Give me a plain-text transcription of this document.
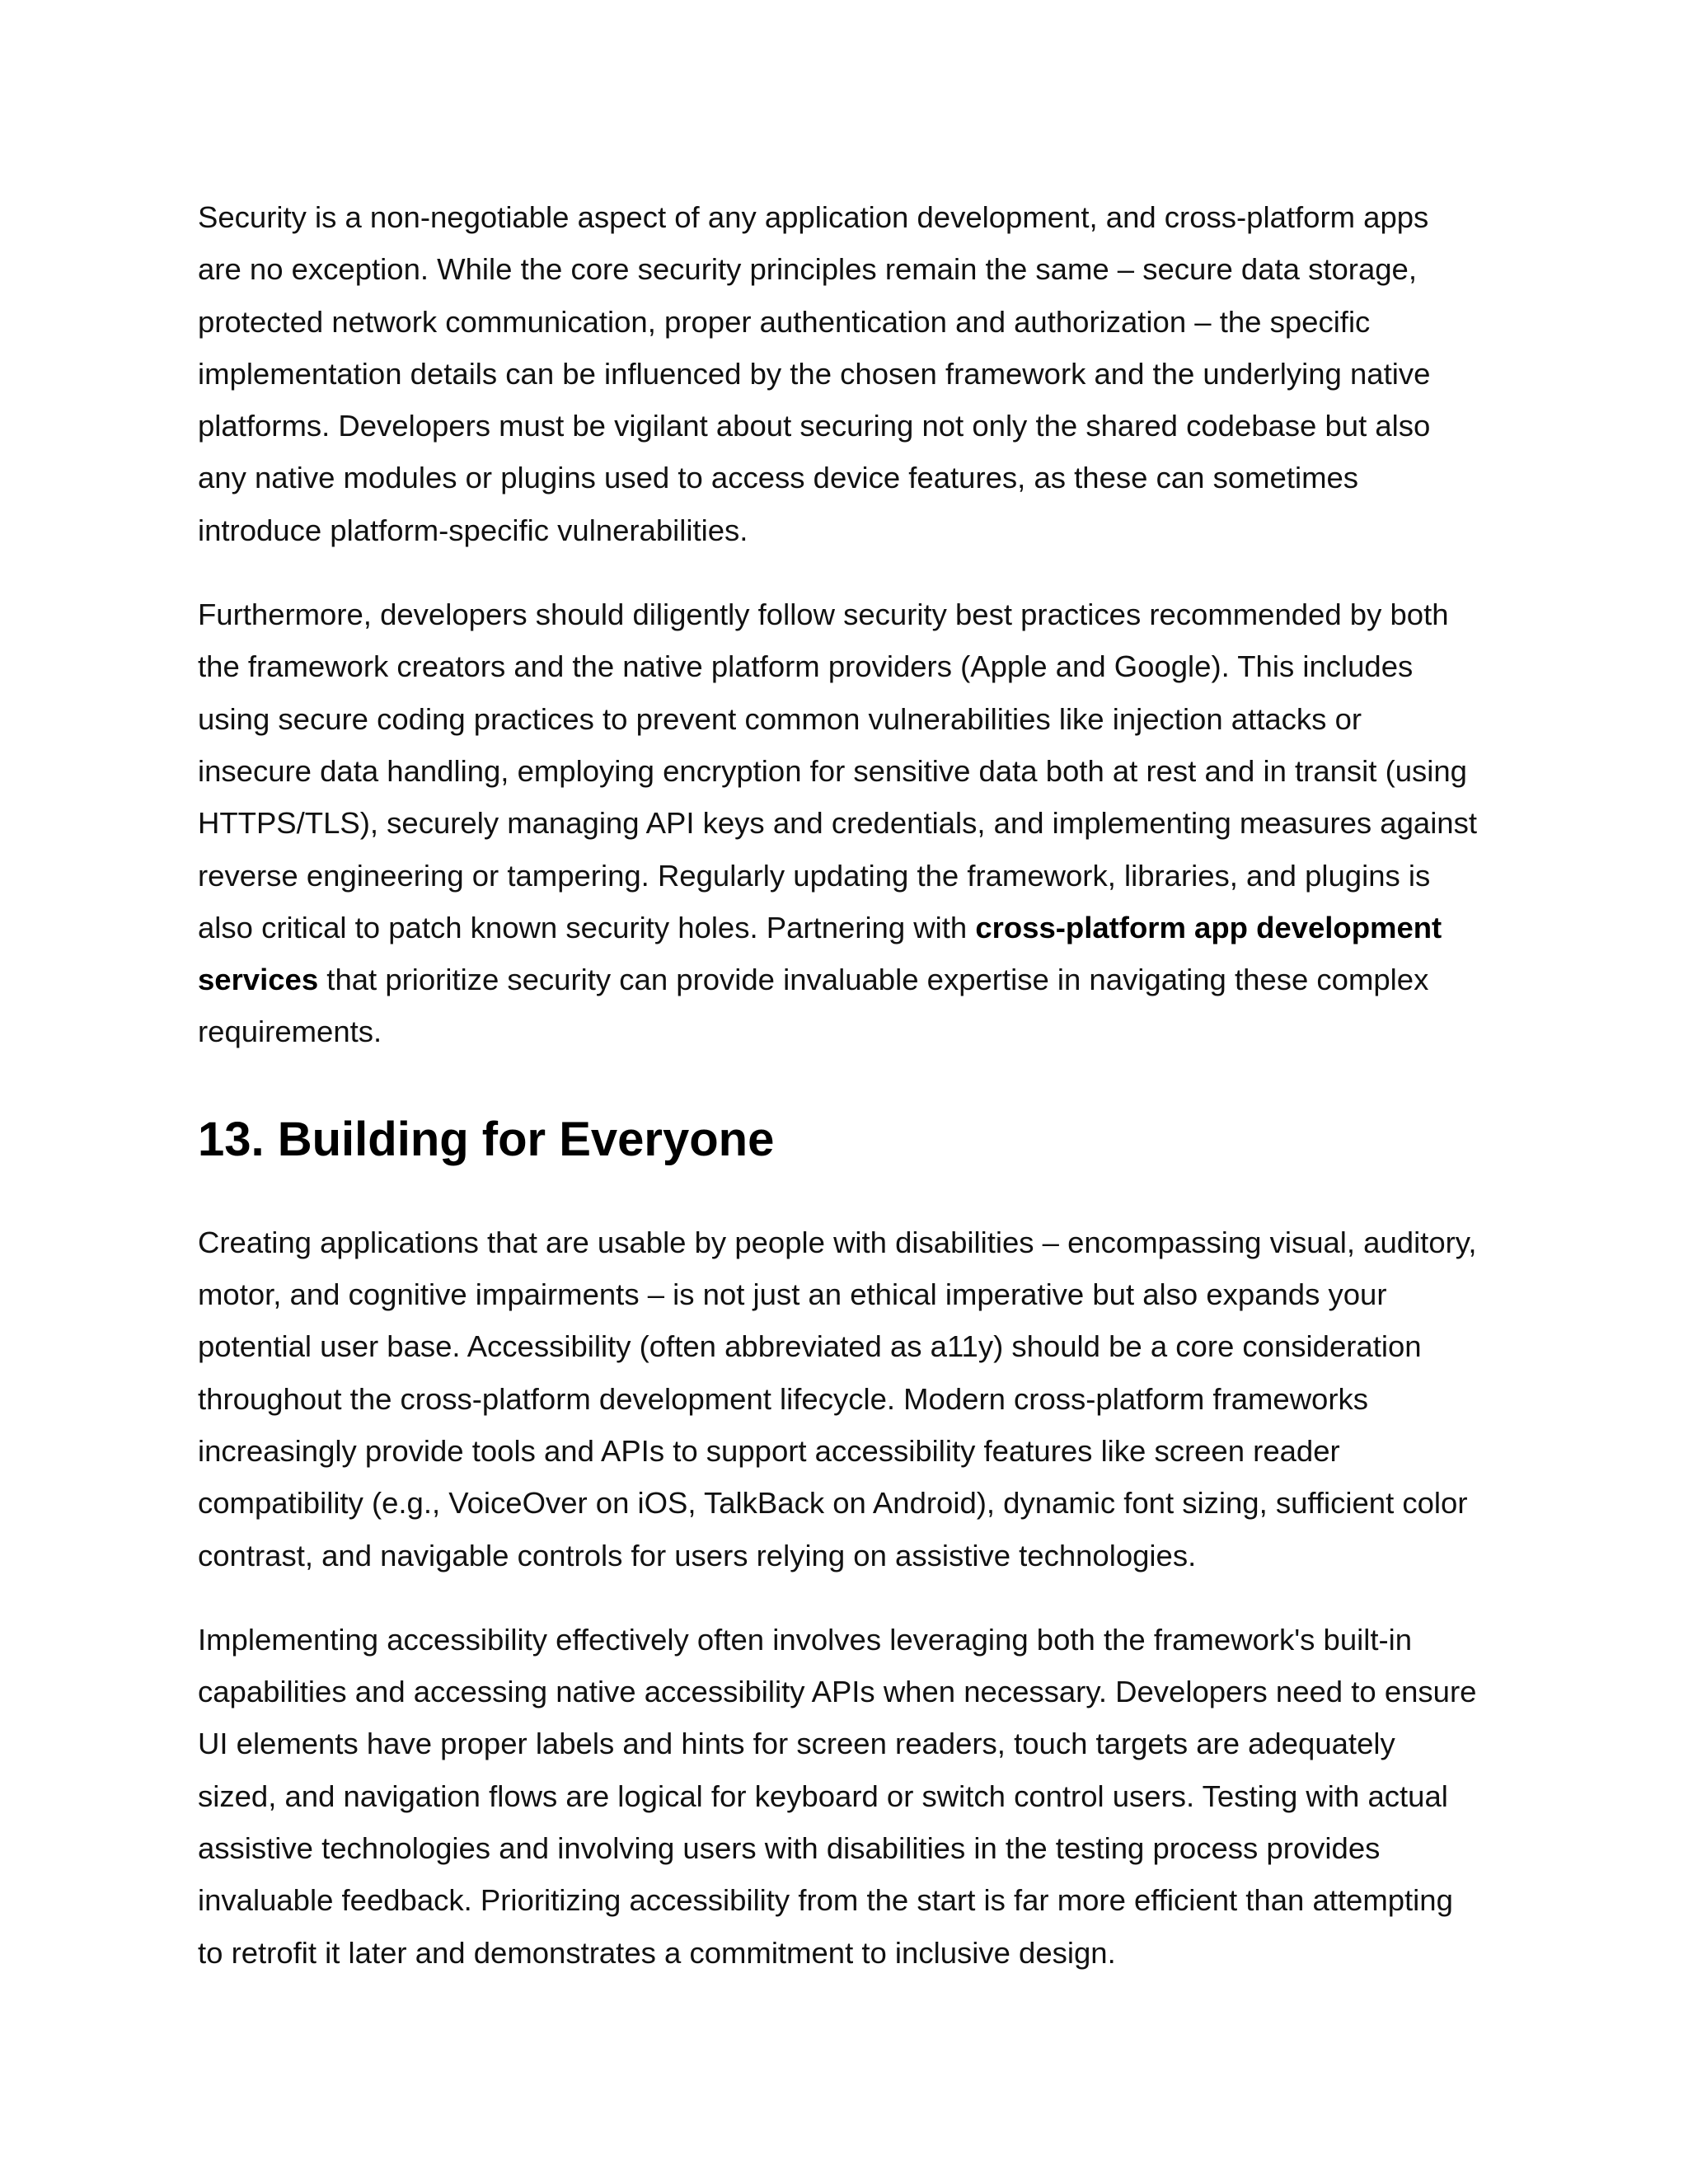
Security is a non-negotiable aspect of any application development, and cross-platform apps
are no exception. While the core security principles remain the same – secure data storage,
protected network communication, proper authentication and authorization – the specific
implementation details can be influenced by the chosen framework and the underlying native
platforms. Developers must be vigilant about securing not only the shared codebase but also
any native modules or plugins used to access device features, as these can sometimes
introduce platform-specific vulnerabilities.

Furthermore, developers should diligently follow security best practices recommended by both
the framework creators and the native platform providers (Apple and Google). This includes
using secure coding practices to prevent common vulnerabilities like injection attacks or
insecure data handling, employing encryption for sensitive data both at rest and in transit (using
HTTPS/TLS), securely managing API keys and credentials, and implementing measures against
reverse engineering or tampering. Regularly updating the framework, libraries, and plugins is
also critical to patch known security holes. Partnering with cross-platform app development
services that prioritize security can provide invaluable expertise in navigating these complex
requirements.

13. Building for Everyone

Creating applications that are usable by people with disabilities – encompassing visual, auditory,
motor, and cognitive impairments – is not just an ethical imperative but also expands your
potential user base. Accessibility (often abbreviated as a11y) should be a core consideration
throughout the cross-platform development lifecycle. Modern cross-platform frameworks
increasingly provide tools and APIs to support accessibility features like screen reader
compatibility (e.g., VoiceOver on iOS, TalkBack on Android), dynamic font sizing, sufficient color
contrast, and navigable controls for users relying on assistive technologies.

Implementing accessibility effectively often involves leveraging both the framework's built-in
capabilities and accessing native accessibility APIs when necessary. Developers need to ensure
UI elements have proper labels and hints for screen readers, touch targets are adequately
sized, and navigation flows are logical for keyboard or switch control users. Testing with actual
assistive technologies and involving users with disabilities in the testing process provides
invaluable feedback. Prioritizing accessibility from the start is far more efficient than attempting
to retrofit it later and demonstrates a commitment to inclusive design.
